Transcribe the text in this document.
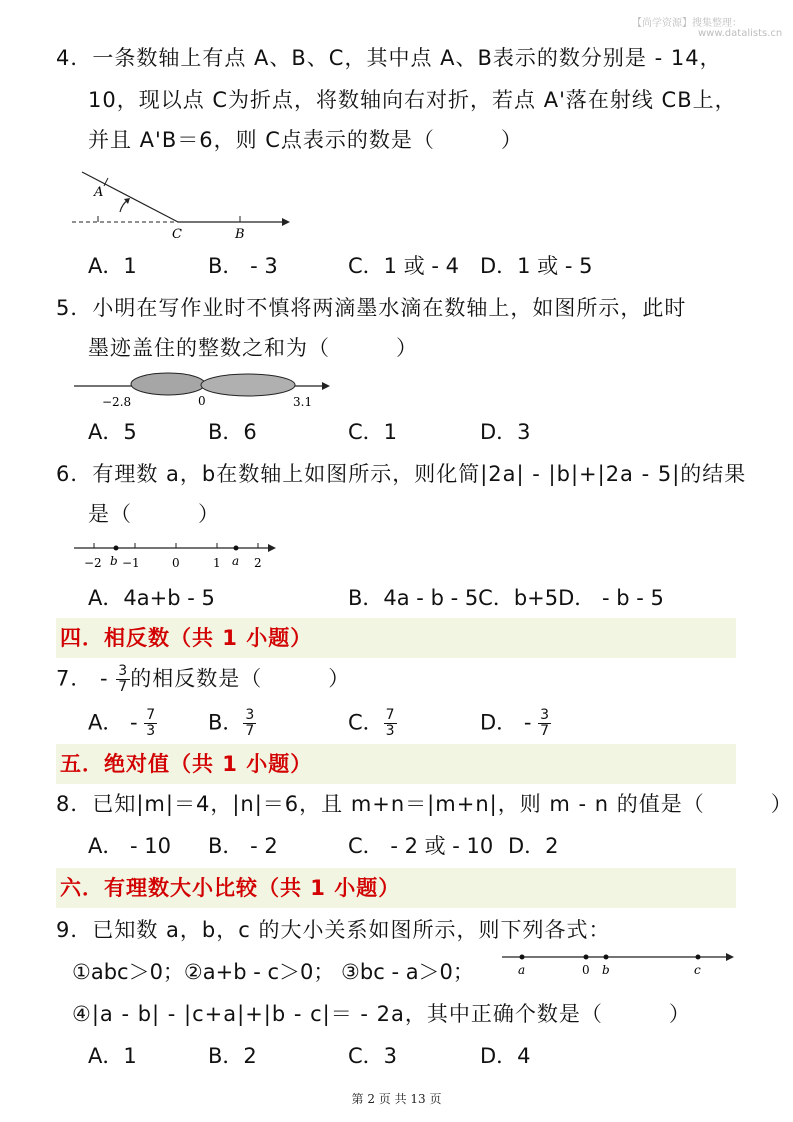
【尚学资源】搜集整理：
www.datalists.cn
4．一条数轴上有点 A、B、C，其中点 A、B表示的数分别是 - 14，
10，现以点 C为折点，将数轴向右对折，若点 A'落在射线 CB上，
并且 A'B＝6，则 C点表示的数是（　　　）
A
C	B
A．1	B． - 3	C．1 或 - 4 D．1 或 - 5
5．小明在写作业时不慎将两滴墨水滴在数轴上，如图所示，此时
墨迹盖住的整数之和为（　　　）
−2.8	0	3.1
A．5	B．6	C．1	D．3
6．有理数 a，b在数轴上如图所示，则化简|2a| - |b|+|2a - 5|的结果
是（　　　）
−2 b −1	0	1 a 2
A．4a+b - 5	B．4a - b - 5C．b+5D． - b - 5
四．相反数（共 1 小题）
7． - $\frac{3}{7}$ 的相反数是（　　　）
A． - $\frac{7}{3}$ B． $\frac{3}{7}$	C． $\frac{7}{3}$	D． - $\frac{3}{7}$
五．绝对值（共 1 小题）
8．已知|m|＝4，|n|＝6，且 m+n＝|m+n|，则 m - n 的值是（　　　）
A． - 10 B． - 2	C． - 2 或 - 10 D．2
六．有理数大小比较（共 1 小题）
9．已知数 a，b，c 的大小关系如图所示，则下列各式：
①abc＞0；②a+b - c＞0； ③bc - a＞0；	a	0 b	c
④|a - b| - |c+a|+|b - c|＝ - 2a，其中正确个数是（　　　）
A．1	B．2	C．3	D．4
第 2 页 共 13 页
